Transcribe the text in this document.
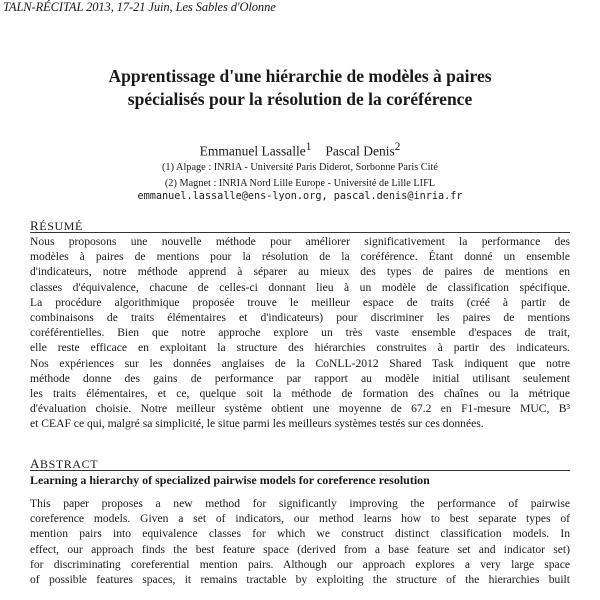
TALN-RÉCITAL 2013, 17-21 Juin, Les Sables d'Olonne
Apprentissage d'une hiérarchie de modèles à paires
spécialisés pour la résolution de la coréférence
Emmanuel Lassalle$^1$ Pascal Denis$^2$
(1) Alpage : INRIA - Université Paris Diderot, Sorbonne Paris Cité
(2) Magnet : INRIA Nord Lille Europe - Université de Lille LIFL
emmanuel.lassalle@ens-lyon.org, pascal.denis@inria.fr
RÉSUMÉ
Nous proposons une nouvelle méthode pour améliorer significativement la performance des
modèles à paires de mentions pour la résolution de la coréférence. Étant donné un ensemble
d'indicateurs, notre méthode apprend à séparer au mieux des types de paires de mentions en
classes d'équivalence, chacune de celles-ci donnant lieu à un modèle de classification spécifique.
La procédure algorithmique proposée trouve le meilleur espace de traits (créé à partir de
combinaisons de traits élémentaires et d'indicateurs) pour discriminer les paires de mentions
coréférentielles. Bien que notre approche explore un très vaste ensemble d'espaces de trait,
elle reste efficace en exploitant la structure des hiérarchies construites à partir des indicateurs.
Nos expériences sur les données anglaises de la CoNLL-2012 Shared Task indiquent que notre
méthode donne des gains de performance par rapport au modèle initial utilisant seulement
les traits élémentaires, et ce, quelque soit la méthode de formation des chaînes ou la métrique
d'évaluation choisie. Notre meilleur système obtient une moyenne de 67.2 en F1-mesure MUC, B³
et CEAF ce qui, malgré sa simplicité, le situe parmi les meilleurs systèmes testés sur ces données.
ABSTRACT
Learning a hierarchy of specialized pairwise models for coreference resolution
This paper proposes a new method for significantly improving the performance of pairwise
coreference models. Given a set of indicators, our method learns how to best separate types of
mention pairs into equivalence classes for which we construct distinct classification models. In
effect, our approach finds the best feature space (derived from a base feature set and indicator set)
for discriminating coreferential mention pairs. Although our approach explores a very large space
of possible features spaces, it remains tractable by exploiting the structure of the hierarchies built
